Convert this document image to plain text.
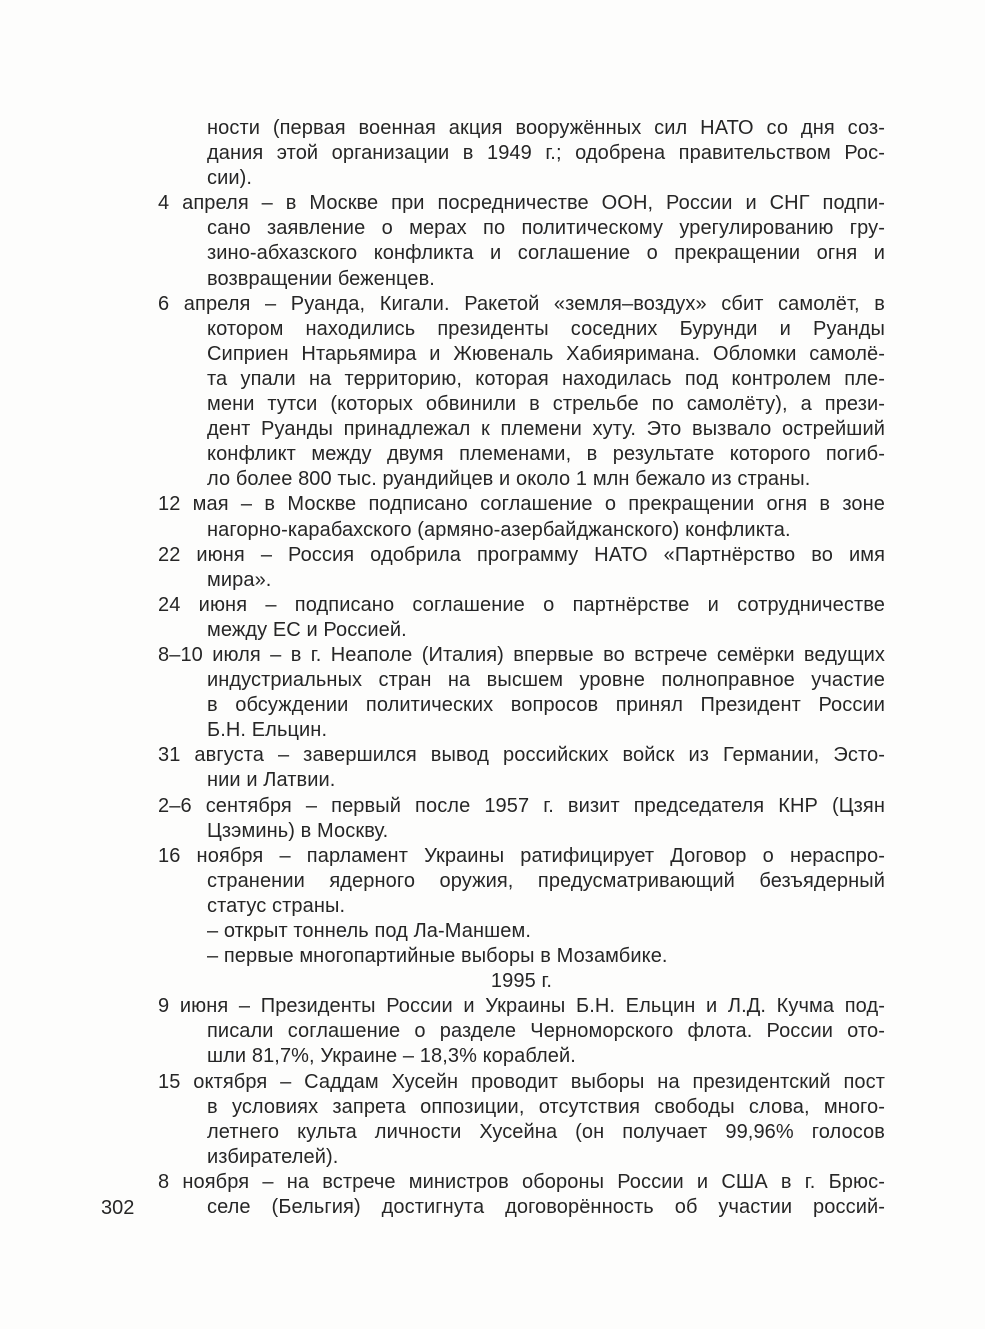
ности (первая военная акция вооружённых сил НАТО со дня соз-
дания этой организации в 1949 г.; одобрена правительством Рос-
сии).
4 апреля – в Москве при посредничестве ООН, России и СНГ подпи-
сано заявление о мерах по политическому урегулированию гру-
зино-абхазского конфликта и соглашение о прекращении огня и
возвращении беженцев.
6 апреля – Руанда, Кигали. Ракетой «земля–воздух» сбит самолёт, в
котором находились президенты соседних Бурунди и Руанды
Сиприен Нтарьямира и Жювеналь Хабияримана. Обломки самолё-
та упали на территорию, которая находилась под контролем пле-
мени тутси (которых обвинили в стрельбе по самолёту), а прези-
дент Руанды принадлежал к племени хуту. Это вызвало острейший
конфликт между двумя племенами, в результате которого погиб-
ло более 800 тыс. руандийцев и около 1 млн бежало из страны.
12 мая – в Москве подписано соглашение о прекращении огня в зоне
нагорно-карабахского (армяно-азербайджанского) конфликта.
22 июня – Россия одобрила программу НАТО «Партнёрство во имя
мира».
24 июня – подписано соглашение о партнёрстве и сотрудничестве
между ЕС и Россией.
8–10 июля – в г. Неаполе (Италия) впервые во встрече семёрки ведущих
индустриальных стран на высшем уровне полноправное участие
в обсуждении политических вопросов принял Президент России
Б.Н. Ельцин.
31 августа – завершился вывод российских войск из Германии, Эсто-
нии и Латвии.
2–6 сентября – первый после 1957 г. визит председателя КНР (Цзян
Цзэминь) в Москву.
16 ноября – парламент Украины ратифицирует Договор о нераспро-
странении ядерного оружия, предусматривающий безъядерный
статус страны.
– открыт тоннель под Ла-Маншем.
– первые многопартийные выборы в Мозамбике.
1995 г.
9 июня – Президенты России и Украины Б.Н. Ельцин и Л.Д. Кучма под-
писали соглашение о разделе Черноморского флота. России ото-
шли 81,7%, Украине – 18,3% кораблей.
15 октября – Саддам Хусейн проводит выборы на президентский пост
в условиях запрета оппозиции, отсутствия свободы слова, много-
летнего культа личности Хусейна (он получает 99,96% голосов
избирателей).
8 ноября – на встрече министров обороны России и США в г. Брюс-
селе (Бельгия) достигнута договорённость об участии россий-
302
